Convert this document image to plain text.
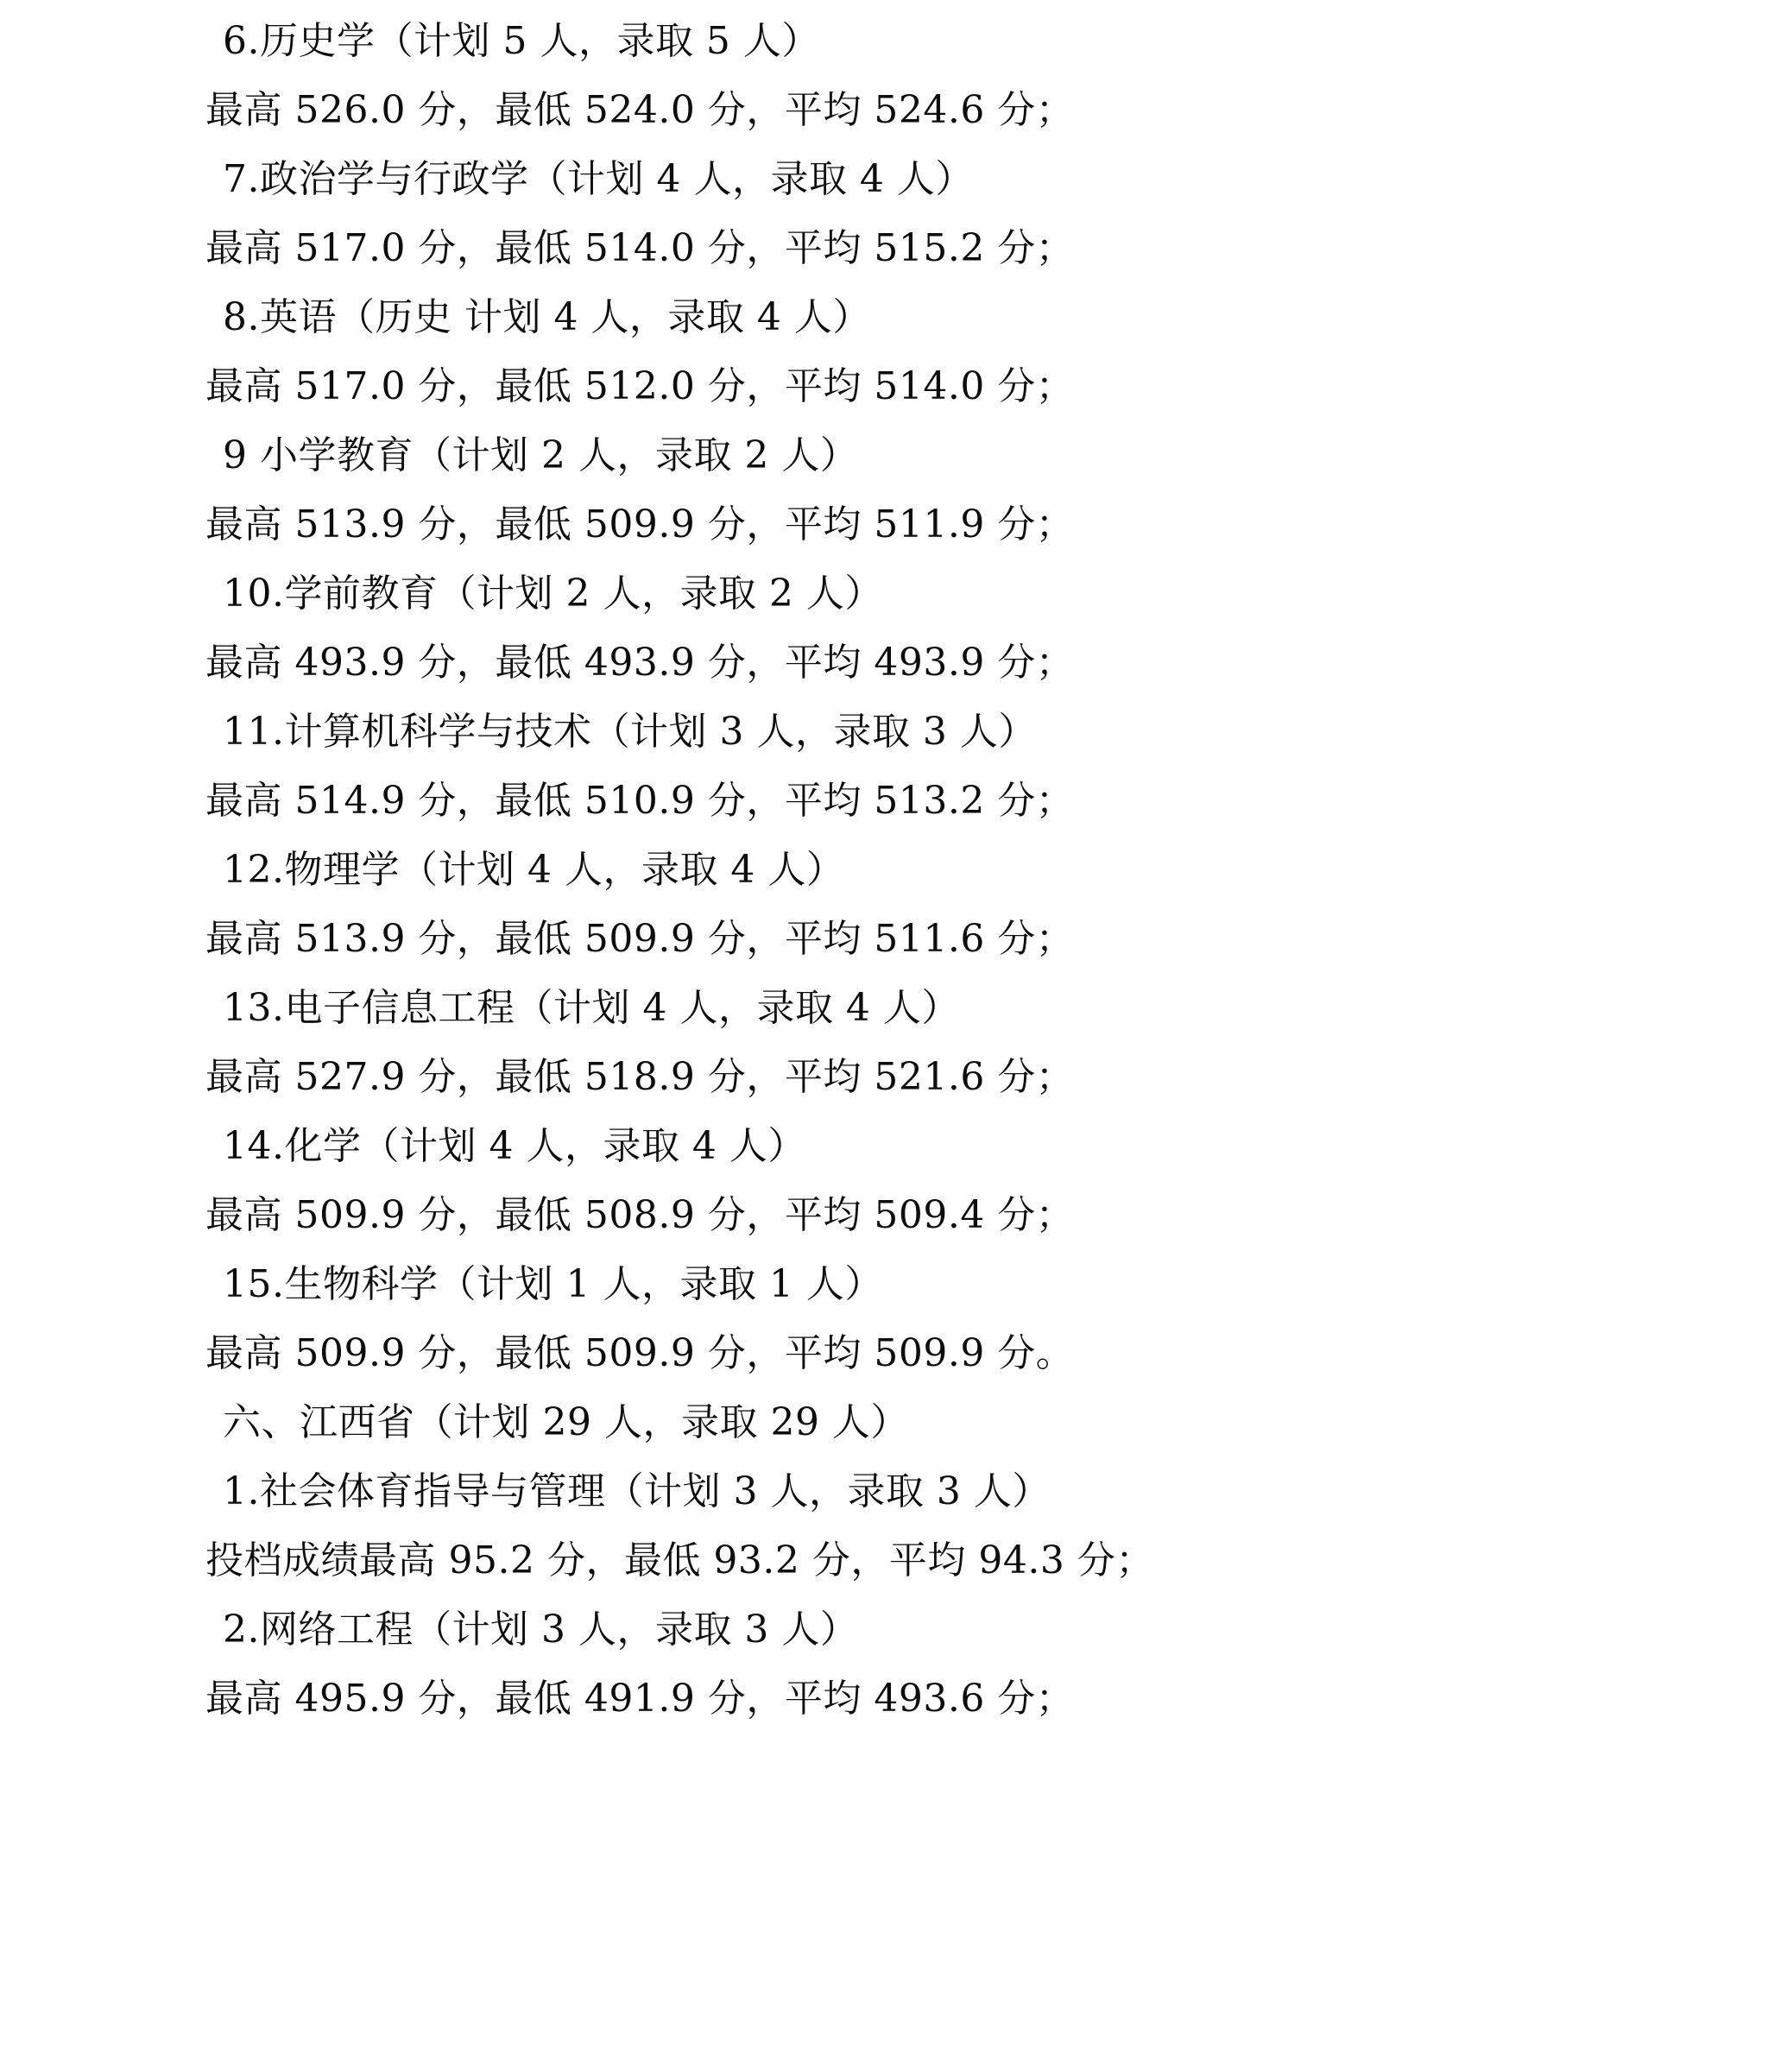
6.历史学（计划 5 人，录取 5 人）
最高 526.0 分，最低 524.0 分，平均 524.6 分；
7.政治学与行政学（计划 4 人，录取 4 人）
最高 517.0 分，最低 514.0 分，平均 515.2 分；
8.英语（历史 计划 4 人，录取 4 人）
最高 517.0 分，最低 512.0 分，平均 514.0 分；
9 小学教育（计划 2 人，录取 2 人）
最高 513.9 分，最低 509.9 分，平均 511.9 分；
10.学前教育（计划 2 人，录取 2 人）
最高 493.9 分，最低 493.9 分，平均 493.9 分；
11.计算机科学与技术（计划 3 人，录取 3 人）
最高 514.9 分，最低 510.9 分，平均 513.2 分；
12.物理学（计划 4 人，录取 4 人）
最高 513.9 分，最低 509.9 分，平均 511.6 分；
13.电子信息工程（计划 4 人，录取 4 人）
最高 527.9 分，最低 518.9 分，平均 521.6 分；
14.化学（计划 4 人，录取 4 人）
最高 509.9 分，最低 508.9 分，平均 509.4 分；
15.生物科学（计划 1 人，录取 1 人）
最高 509.9 分，最低 509.9 分，平均 509.9 分。
六、江西省（计划 29 人，录取 29 人）
1.社会体育指导与管理（计划 3 人，录取 3 人）
投档成绩最高 95.2 分，最低 93.2 分，平均 94.3 分；
2.网络工程（计划 3 人，录取 3 人）
最高 495.9 分，最低 491.9 分，平均 493.6 分；
